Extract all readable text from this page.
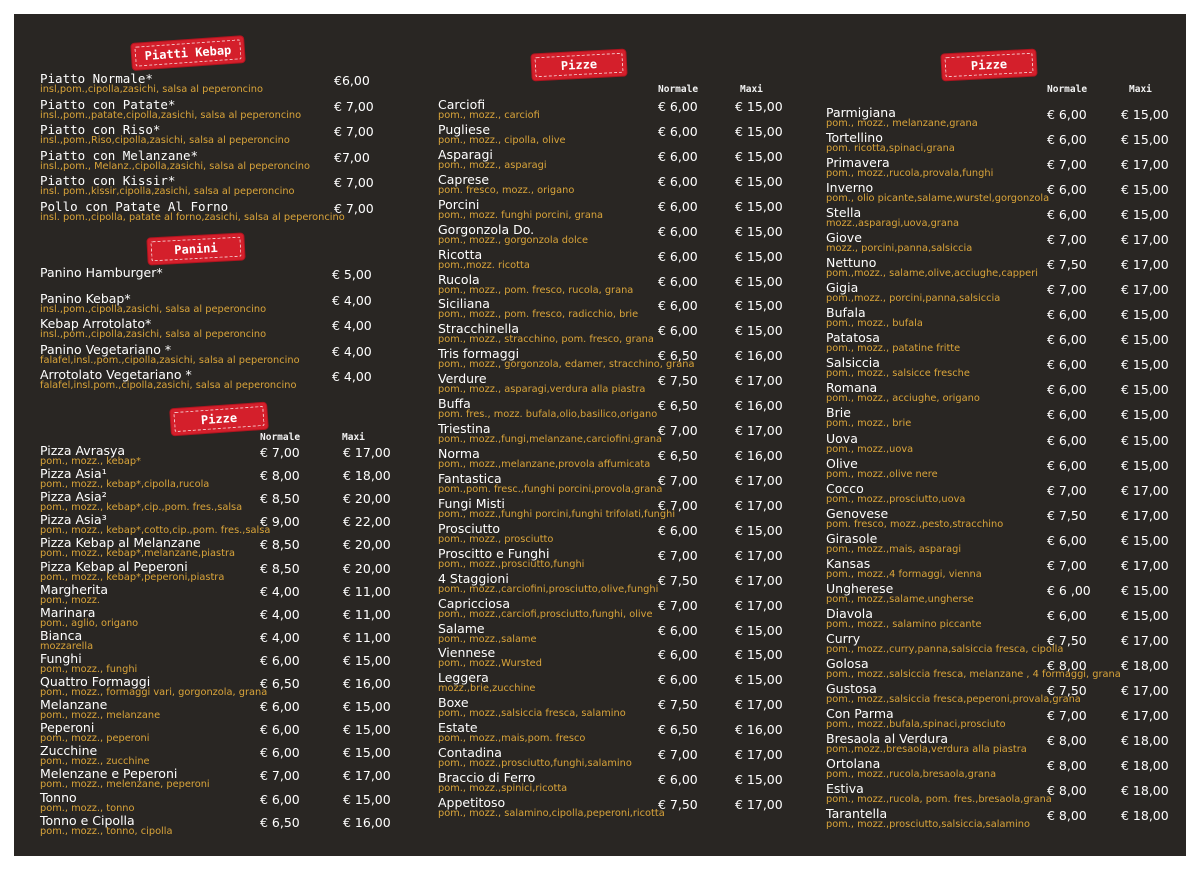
Piatti Kebap
Piatto Normale*
insl,pom.,cipolla,zasichi, salsa al peperoncino
€6,00
Piatto con Patate*
insl.,pom.,patate,cipolla,zasichi, salsa al peperoncino
€ 7,00
Piatto con Riso*
insl.,pom.,Riso,cipolla,zasichi, salsa al peperoncino
€ 7,00
Piatto con Melanzane*
insl.,pom., Melanz.,cipolla,zasichi, salsa al peperoncino
€7,00
Piatto con Kissir*
insl. pom.,kissir,cipolla,zasichi, salsa al peperoncino
€ 7,00
Pollo con Patate Al Forno
insl. pom.,cipolla, patate al forno,zasichi, salsa al peperoncino
€ 7,00
Panini
Panino Hamburger*	€ 5,00
Panino Kebap*
insl.,pom.,cipolla,zasichi, salsa al peperoncino
€ 4,00
Kebap Arrotolato*
insl.,pom.,cipolla,zasichi, salsa al peperoncino
€ 4,00
Panino Vegetariano *
falafel,insl.,pom.,cipolla,zasichi, salsa al peperoncino
€ 4,00
Arrotolato Vegetariano *
falafel,insl.pom.,cipolla,zasichi, salsa al peperoncino
€ 4,00
Pizze
Normale	Maxi
Pizza Avrasya
pom., mozz., kebap*
€ 7,00	€ 17,00
Pizza Asia¹
pom., mozz., kebap*,cipolla,rucola
€ 8,00	€ 18,00
Pizza Asia²
pom., mozz., kebap*,cip.,pom. fres.,salsa
€ 8,50	€ 20,00
Pizza Asia³
pom., mozz., kebap*,cotto,cip.,pom. fres.,salsa
€ 9,00	€ 22,00
Pizza Kebap al Melanzane
pom., mozz., kebap*,melanzane,piastra
€ 8,50	€ 20,00
Pizza Kebap al Peperoni
pom., mozz., kebap*,peperoni,piastra
€ 8,50	€ 20,00
Margherita
pom., mozz.
€ 4,00	€ 11,00
Marinara
pom., aglio, origano
€ 4,00	€ 11,00
Bianca
mozzarella
€ 4,00	€ 11,00
Funghi
pom., mozz., funghi
€ 6,00	€ 15,00
Quattro Formaggi
pom., mozz., formaggi vari, gorgonzola, grana
€ 6,50	€ 16,00
Melanzane
pom., mozz., melanzane
€ 6,00	€ 15,00
Peperoni
pom., mozz., peperoni
€ 6,00	€ 15,00
Zucchine
pom., mozz., zucchine
€ 6,00	€ 15,00
Melenzane e Peperoni
pom., mozz., melenzane, peperoni
€ 7,00	€ 17,00
Tonno
pom., mozz., tonno
€ 6,00	€ 15,00
Tonno e Cipolla
pom., mozz., tonno, cipolla
€ 6,50	€ 16,00
Pizze
Normale	Maxi
Carciofi
pom., mozz., carciofi
€ 6,00	€ 15,00
Pugliese
pom., mozz., cipolla, olive
€ 6,00	€ 15,00
Asparagi
pom., mozz., asparagi
€ 6,00	€ 15,00
Caprese
pom. fresco, mozz., origano
€ 6,00	€ 15,00
Porcini
pom., mozz. funghi porcini, grana
€ 6,00	€ 15,00
Gorgonzola Do.
pom., mozz., gorgonzola dolce
€ 6,00	€ 15,00
Ricotta
pom.,mozz. ricotta
€ 6,00	€ 15,00
Rucola
pom., mozz., pom. fresco, rucola, grana
€ 6,00	€ 15,00
Siciliana
pom., mozz., pom. fresco, radicchio, brie
€ 6,00	€ 15,00
Stracchinella
pom., mozz., stracchino, pom. fresco, grana
€ 6,00	€ 15,00
Tris formaggi
pom., mozz., gorgonzola, edamer, stracchino, grana
€ 6,50	€ 16,00
Verdure
pom., mozz., asparagi,verdura alla piastra
€ 7,50	€ 17,00
Buffa
pom. fres., mozz. bufala,olio,basilico,origano
€ 6,50	€ 16,00
Triestina
pom., mozz.,fungi,melanzane,carciofini,grana
€ 7,00	€ 17,00
Norma
pom., mozz.,melanzane,provola affumicata
€ 6,50	€ 16,00
Fantastica
pom.,pom. fresc.,funghi porcini,provola,grana
€ 7,00	€ 17,00
Fungi Misti
pom., mozz.,funghi porcini,funghi trifolati,funghi
€ 7,00	€ 17,00
Prosciutto
pom., mozz., prosciutto
€ 6,00	€ 15,00
Proscitto e Funghi
pom., mozz.,prosciutto,funghi
€ 7,00	€ 17,00
4 Staggioni
pom., mozz.,carciofini,prosciutto,olive,funghi
€ 7,50	€ 17,00
Capricciosa
pom., mozz.,carciofi,prosciutto,funghi, olive
€ 7,00	€ 17,00
Salame
pom., mozz.,salame
€ 6,00	€ 15,00
Viennese
pom., mozz.,Wursted
€ 6,00	€ 15,00
Leggera
mozz.,brie,zucchine
€ 6,00	€ 15,00
Boxe
pom., mozz.,salsiccia fresca, salamino
€ 7,50	€ 17,00
Estate
pom., mozz.,mais,pom. fresco
€ 6,50	€ 16,00
Contadina
pom., mozz.,prosciutto,funghi,salamino
€ 7,00	€ 17,00
Braccio di Ferro
pom., mozz.,spinici,ricotta
€ 6,00	€ 15,00
Appetitoso
pom., mozz., salamino,cipolla,peperoni,ricotta
€ 7,50	€ 17,00
Pizze
Normale	Maxi
Parmigiana
pom., mozz., melanzane,grana
€ 6,00	€ 15,00
Tortellino
pom. ricotta,spinaci,grana
€ 6,00	€ 15,00
Primavera
pom., mozz.,rucola,provala,funghi
€ 7,00	€ 17,00
Inverno
pom., olio picante,salame,wurstel,gorgonzola
€ 6,00	€ 15,00
Stella
mozz.,asparagi,uova,grana
€ 6,00	€ 15,00
Giove
mozz., porcini,panna,salsiccia
€ 7,00	€ 17,00
Nettuno
pom.,mozz., salame,olive,acciughe,capperi
€ 7,50	€ 17,00
Gigia
pom.,mozz., porcini,panna,salsiccia
€ 7,00	€ 17,00
Bufala
pom., mozz., bufala
€ 6,00	€ 15,00
Patatosa
pom., mozz., patatine fritte
€ 6,00	€ 15,00
Salsiccia
pom., mozz., salsicce fresche
€ 6,00	€ 15,00
Romana
pom., mozz., acciughe, origano
€ 6,00	€ 15,00
Brie
pom., mozz., brie
€ 6,00	€ 15,00
Uova
pom., mozz.,uova
€ 6,00	€ 15,00
Olive
pom., mozz.,olive nere
€ 6,00	€ 15,00
Cocco
pom., mozz.,prosciutto,uova
€ 7,00	€ 17,00
Genovese
pom. fresco, mozz.,pesto,stracchino
€ 7,50	€ 17,00
Girasole
pom., mozz.,mais, asparagi
€ 6,00	€ 15,00
Kansas
pom., mozz.,4 formaggi, vienna
€ 7,00	€ 17,00
Ungherese
pom., mozz.,salame,ungherse
€ 6 ,00 € 15,00
Diavola
pom., mozz., salamino piccante
€ 6,00	€ 15,00
Curry
pom., mozz.,curry,panna,salsiccia fresca, cipolla
€ 7,50	€ 17,00
Golosa
pom., mozz.,salsiccia fresca, melanzane , 4 formaggi, grana
€ 8,00	€ 18,00
Gustosa
pom., mozz.,salsiccia fresca,peperoni,provala,grana
€ 7,50	€ 17,00
Con Parma
pom., mozz.,bufala,spinaci,prosciuto
€ 7,00	€ 17,00
Bresaola al Verdura
pom.,mozz.,bresaola,verdura alla piastra
€ 8,00	€ 18,00
Ortolana
pom., mozz.,rucola,bresaola,grana
€ 8,00	€ 18,00
Estiva
pom., mozz.,rucola, pom. fres.,bresaola,grana
€ 8,00	€ 18,00
Tarantella
pom., mozz.,prosciutto,salsiccia,salamino
€ 8,00	€ 18,00
